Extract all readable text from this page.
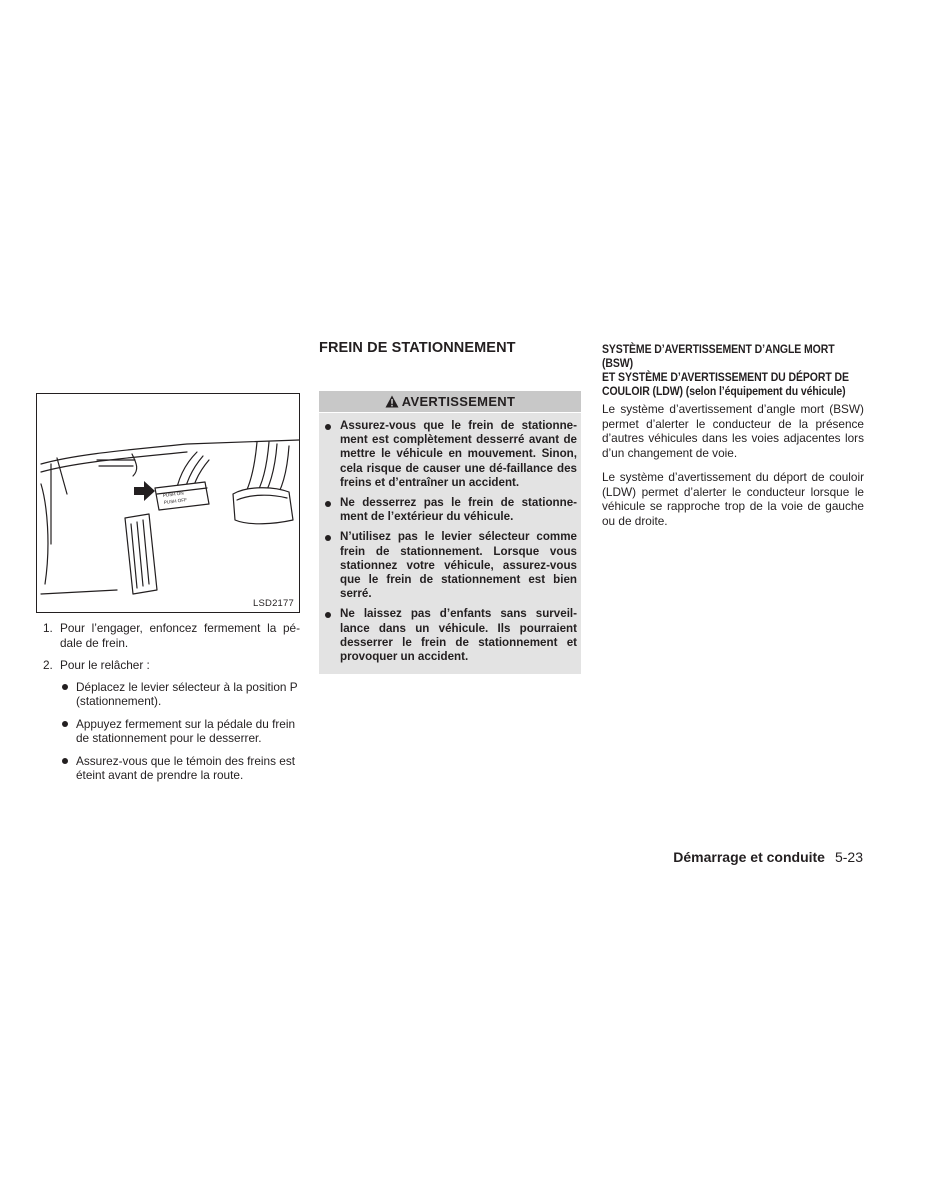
PUSH ON
PUSH OFF
LSD2177
1. Pour l’engager, enfoncez fermement la pé-dale de frein.
2. Pour le relâcher :
Déplacez le levier sélecteur à la position P (stationnement).
Appuyez fermement sur la pédale du frein de stationnement pour le desserrer.
Assurez-vous que le témoin des freins est éteint avant de prendre la route.
FREIN DE STATIONNEMENT
AVERTISSEMENT
Assurez-vous que le frein de stationne-ment est complètement desserré avant de mettre le véhicule en mouvement. Sinon, cela risque de causer une dé-faillance des freins et d’entraîner un accident.
Ne desserrez pas le frein de stationne-ment de l’extérieur du véhicule.
N’utilisez pas le levier sélecteur comme frein de stationnement. Lorsque vous stationnez votre véhicule, assurez-vous que le frein de stationnement est bien serré.
Ne laissez pas d’enfants sans surveil-lance dans un véhicule. Ils pourraient desserrer le frein de stationnement et provoquer un accident.
SYSTÈME D’AVERTISSEMENT D’ANGLE MORT (BSW)
ET SYSTÈME D’AVERTISSEMENT DU DÉPORT DE
COULOIR (LDW) (selon l’équipement du véhicule)

Le système d’avertissement d’angle mort (BSW) permet d’alerter le conducteur de la présence d’autres véhicules dans les voies adjacentes lors d’un changement de voie.

Le système d’avertissement du déport de couloir (LDW) permet d’alerter le conducteur lorsque le véhicule se rapproche trop de la voie de gauche ou de droite.

Démarrage et conduite 5-23
